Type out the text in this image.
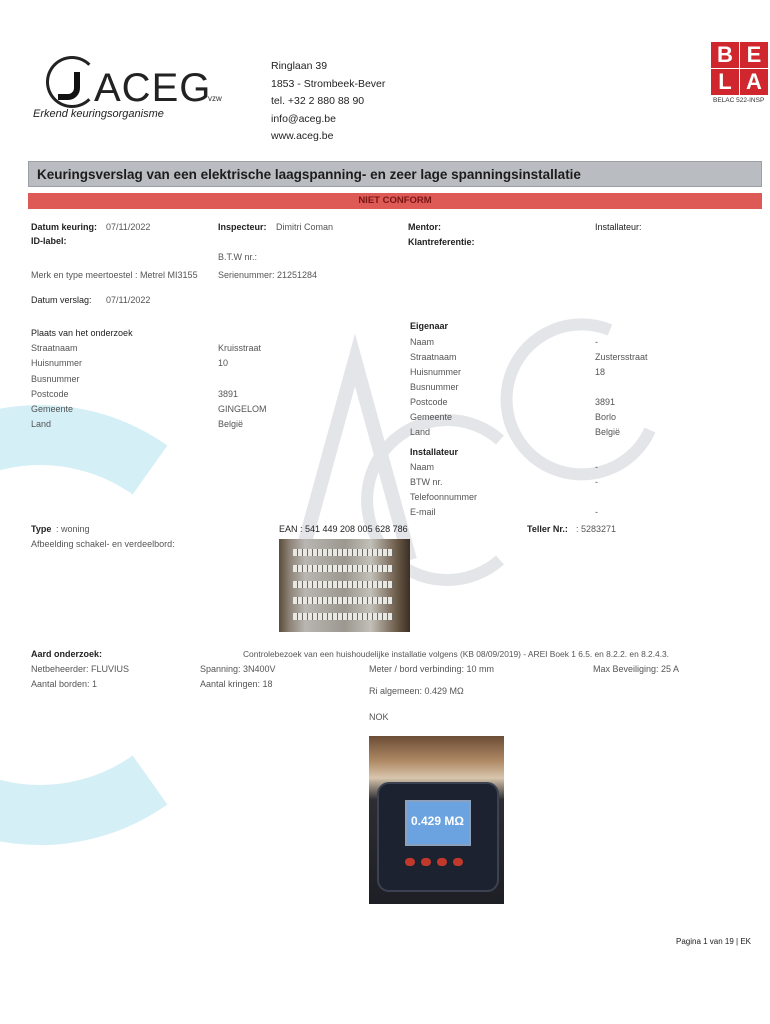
ACEG
vzw
Erkend keuringsorganisme
Ringlaan 39
1853 - Strombeek-Bever
tel. +32 2 880 88 90
info@aceg.be
www.aceg.be
B E
L A
BELAC 522-INSP
Keuringsverslag van een elektrische laagspanning- en zeer lage spanningsinstallatie
NIET CONFORM
Datum keuring: 07/11/2022
ID-label:
Inspecteur: Dimitri Coman
B.T.W nr.:
Mentor:
Klantreferentie:
Installateur:
Merk en type meertoestel : Metrel MI3155 Serienummer: 21251284
Datum verslag: 07/11/2022
Plaats van het onderzoek
Straatnaam	Kruisstraat
Huisnummer	10
Busnummer
Postcode	3891
Gemeente	GINGELOM
Land	België
Eigenaar
Naam	-
Straatnaam	Zustersstraat
Huisnummer	18
Busnummer
Postcode	3891
Gemeente	Borlo
Land	België
Installateur
Naam	-
BTW nr.	-
Telefoonnummer
E-mail	-
Type : woning	EAN : 541 449 208 005 628 786	Teller Nr.: : 5283271
Afbeelding schakel- en verdeelbord:
Aard onderzoek:	Controlebezoek van een huishoudelijke installatie volgens (KB 08/09/2019) - AREI Boek 1 6.5. en 8.2.2. en 8.2.4.3.
Netbeheerder: FLUVIUS
Aantal borden: 1
Spanning: 3N400V
Aantal kringen: 18
Meter / bord verbinding: 10 mm	Max Beveiliging: 25 A
Ri algemeen: 0.429 MΩ
NOK
0.429 MΩ
Pagina 1 van 19 | EK
